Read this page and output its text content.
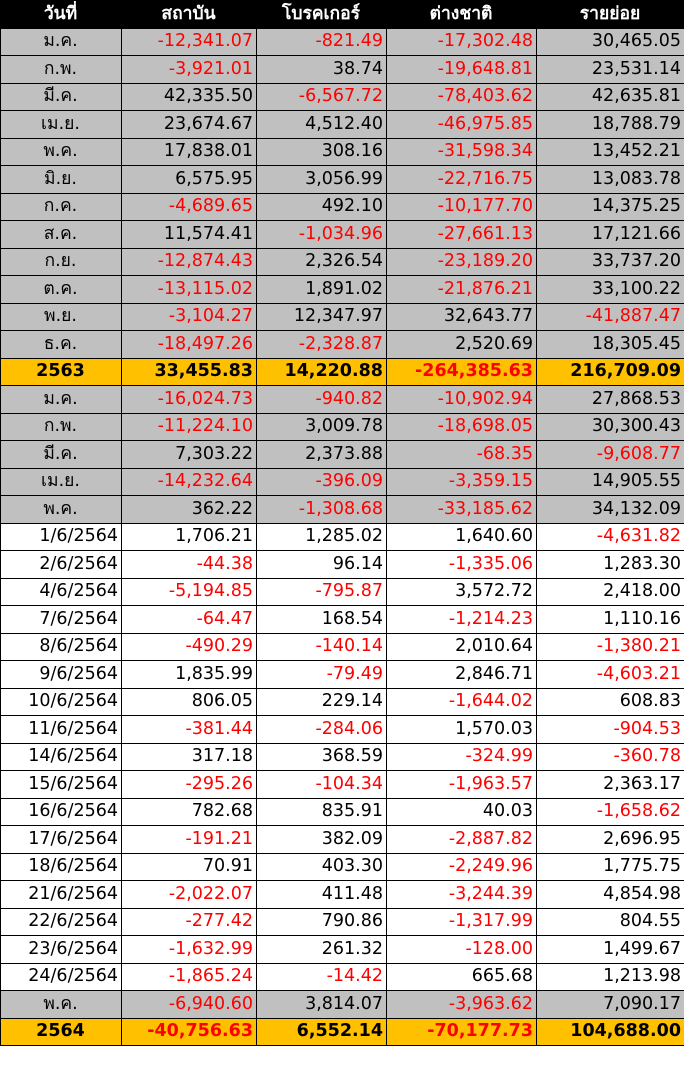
วันที่	สถาบัน	โบรคเกอร์	ต่างชาติ	รายย่อย
ม.ค.	-12,341.07	-821.49	-17,302.48	30,465.05
ก.พ.	-3,921.01	38.74	-19,648.81	23,531.14
มี.ค.	42,335.50	-6,567.72	-78,403.62	42,635.81
เม.ย.	23,674.67	4,512.40	-46,975.85	18,788.79
พ.ค.	17,838.01	308.16	-31,598.34	13,452.21
มิ.ย.	6,575.95	3,056.99	-22,716.75	13,083.78
ก.ค.	-4,689.65	492.10	-10,177.70	14,375.25
ส.ค.	11,574.41	-1,034.96	-27,661.13	17,121.66
ก.ย.	-12,874.43	2,326.54	-23,189.20	33,737.20
ต.ค.	-13,115.02	1,891.02	-21,876.21	33,100.22
พ.ย.	-3,104.27	12,347.97	32,643.77	-41,887.47
ธ.ค.	-18,497.26	-2,328.87	2,520.69	18,305.45
2563	33,455.83	14,220.88	-264,385.63	216,709.09
ม.ค.	-16,024.73	-940.82	-10,902.94	27,868.53
ก.พ.	-11,224.10	3,009.78	-18,698.05	30,300.43
มี.ค.	7,303.22	2,373.88	-68.35	-9,608.77
เม.ย.	-14,232.64	-396.09	-3,359.15	14,905.55
พ.ค.	362.22	-1,308.68	-33,185.62	34,132.09
1/6/2564	1,706.21	1,285.02	1,640.60	-4,631.82
2/6/2564	-44.38	96.14	-1,335.06	1,283.30
4/6/2564	-5,194.85	-795.87	3,572.72	2,418.00
7/6/2564	-64.47	168.54	-1,214.23	1,110.16
8/6/2564	-490.29	-140.14	2,010.64	-1,380.21
9/6/2564	1,835.99	-79.49	2,846.71	-4,603.21
10/6/2564	806.05	229.14	-1,644.02	608.83
11/6/2564	-381.44	-284.06	1,570.03	-904.53
14/6/2564	317.18	368.59	-324.99	-360.78
15/6/2564	-295.26	-104.34	-1,963.57	2,363.17
16/6/2564	782.68	835.91	40.03	-1,658.62
17/6/2564	-191.21	382.09	-2,887.82	2,696.95
18/6/2564	70.91	403.30	-2,249.96	1,775.75
21/6/2564	-2,022.07	411.48	-3,244.39	4,854.98
22/6/2564	-277.42	790.86	-1,317.99	804.55
23/6/2564	-1,632.99	261.32	-128.00	1,499.67
24/6/2564	-1,865.24	-14.42	665.68	1,213.98
พ.ค.	-6,940.60	3,814.07	-3,963.62	7,090.17
2564	-40,756.63	6,552.14	-70,177.73	104,688.00
